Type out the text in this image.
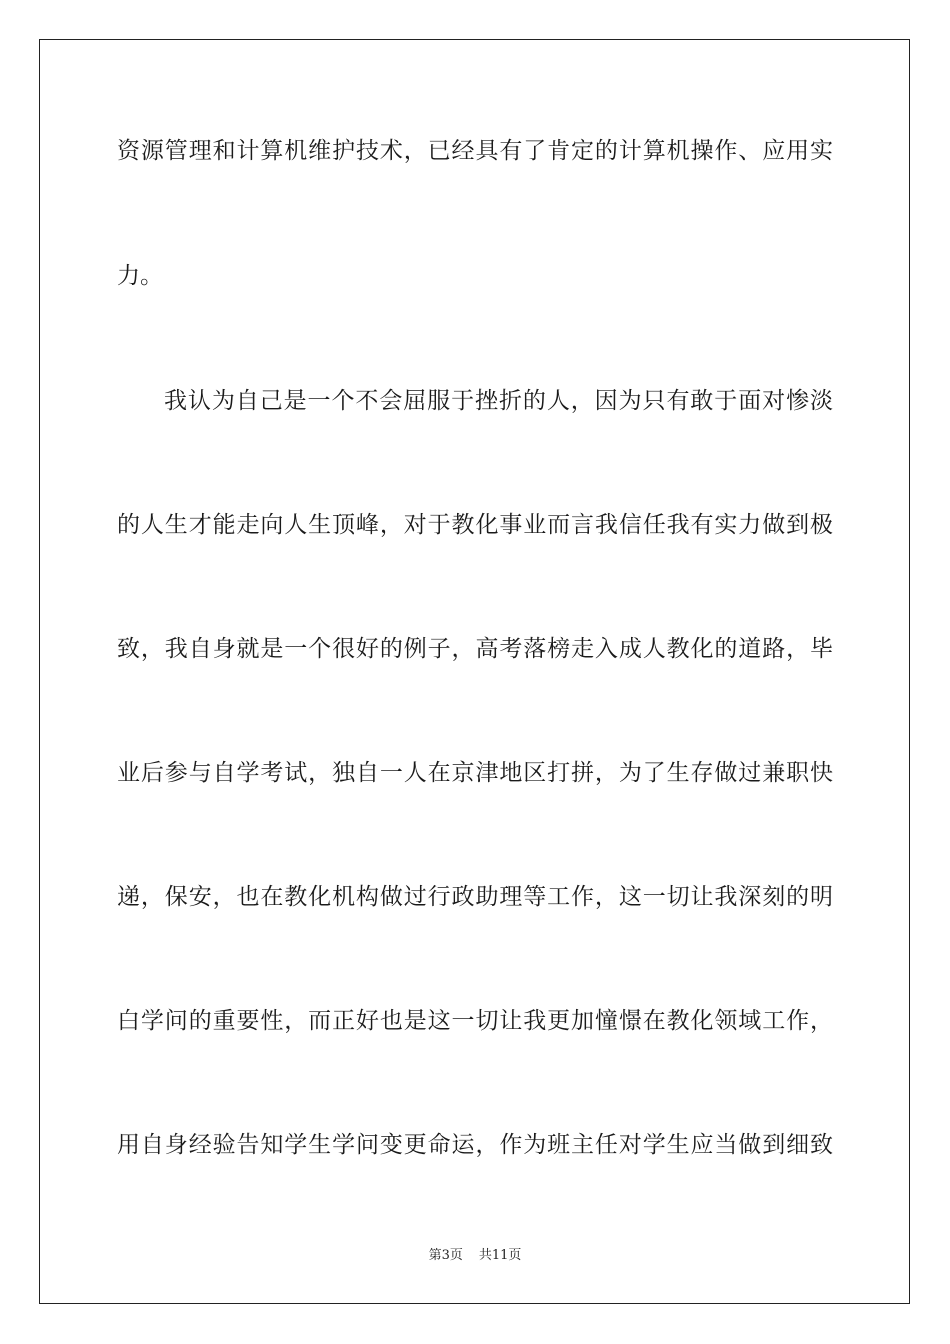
资源管理和计算机维护技术，已经具有了肯定的计算机操作、应用实
力。
我认为自己是一个不会屈服于挫折的人，因为只有敢于面对惨淡
的人生才能走向人生顶峰，对于教化事业而言我信任我有实力做到极
致，我自身就是一个很好的例子，高考落榜走入成人教化的道路，毕
业后参与自学考试，独自一人在京津地区打拼，为了生存做过兼职快
递，保安，也在教化机构做过行政助理等工作，这一切让我深刻的明
白学问的重要性，而正好也是这一切让我更加憧憬在教化领域工作，
用自身经验告知学生学问变更命运，作为班主任对学生应当做到细致
第3页 共11页
